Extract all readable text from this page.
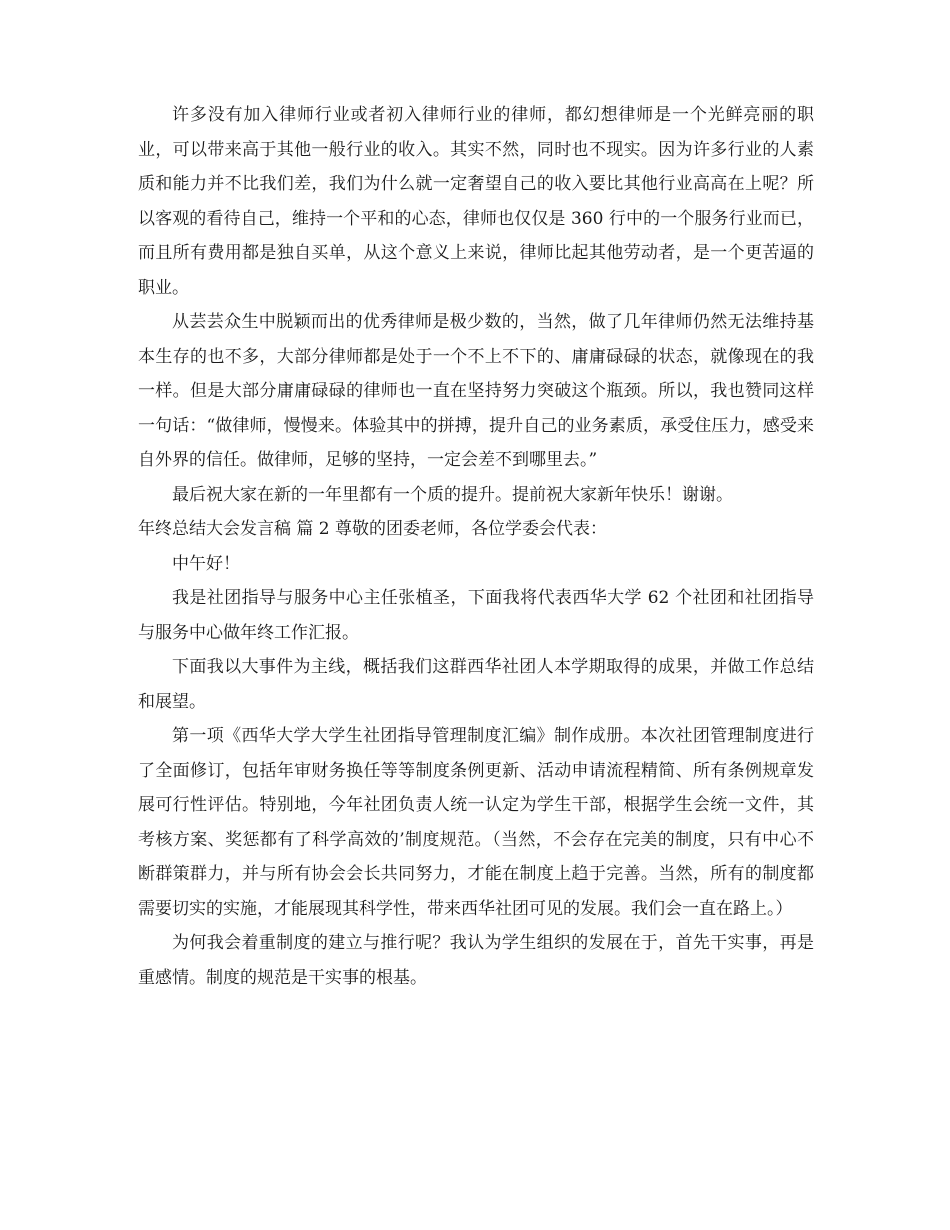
许多没有加入律师行业或者初入律师行业的律师，都幻想律师是一个光鲜亮丽的职业，可以带来高于其他一般行业的收入。其实不然，同时也不现实。因为许多行业的人素质和能力并不比我们差，我们为什么就一定奢望自己的收入要比其他行业高高在上呢？所以客观的看待自己，维持一个平和的心态，律师也仅仅是 360 行中的一个服务行业而已，而且所有费用都是独自买单，从这个意义上来说，律师比起其他劳动者，是一个更苦逼的职业。

从芸芸众生中脱颖而出的优秀律师是极少数的，当然，做了几年律师仍然无法维持基本生存的也不多，大部分律师都是处于一个不上不下的、庸庸碌碌的状态，就像现在的我一样。但是大部分庸庸碌碌的律师也一直在坚持努力突破这个瓶颈。所以，我也赞同这样一句话：“做律师，慢慢来。体验其中的拼搏，提升自己的业务素质，承受住压力，感受来自外界的信任。做律师，足够的坚持，一定会差不到哪里去。”

最后祝大家在新的一年里都有一个质的提升。提前祝大家新年快乐！谢谢。

年终总结大会发言稿 篇 2 尊敬的团委老师，各位学委会代表：

中午好！

我是社团指导与服务中心主任张植圣，下面我将代表西华大学 62 个社团和社团指导与服务中心做年终工作汇报。

下面我以大事件为主线，概括我们这群西华社团人本学期取得的成果，并做工作总结和展望。

第一项《西华大学大学生社团指导管理制度汇编》制作成册。本次社团管理制度进行了全面修订，包括年审财务换任等等制度条例更新、活动申请流程精简、所有条例规章发展可行性评估。特别地，今年社团负责人统一认定为学生干部，根据学生会统一文件，其考核方案、奖惩都有了科学高效的’制度规范。（当然，不会存在完美的制度，只有中心不断群策群力，并与所有协会会长共同努力，才能在制度上趋于完善。当然，所有的制度都需要切实的实施，才能展现其科学性，带来西华社团可见的发展。我们会一直在路上。）

为何我会着重制度的建立与推行呢？我认为学生组织的发展在于，首先干实事，再是重感情。制度的规范是干实事的根基。
